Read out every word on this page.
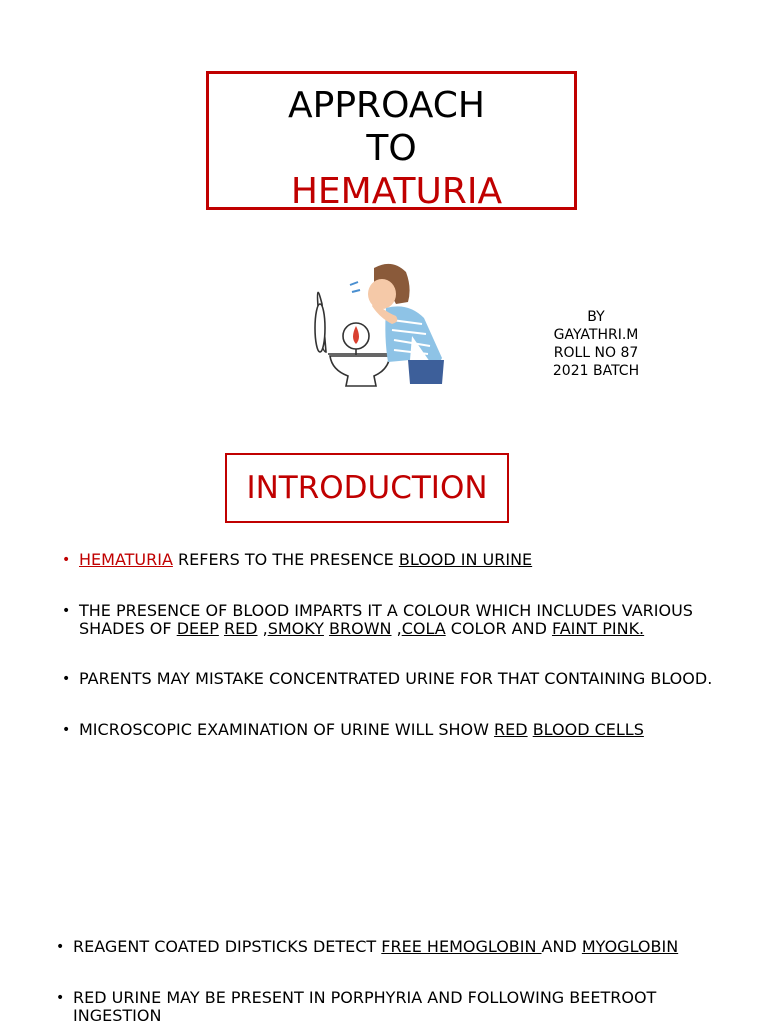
APPROACH
TO
HEMATURIA
BY
GAYATHRI.M
ROLL NO 87
2021 BATCH
INTRODUCTION
• HEMATURIA REFERS TO THE PRESENCE BLOOD IN URINE
• THE PRESENCE OF BLOOD IMPARTS IT A COLOUR WHICH INCLUDES VARIOUS SHADES OF DEEP RED ,SMOKY BROWN ,COLA COLOR AND FAINT PINK.
• PARENTS MAY MISTAKE CONCENTRATED URINE FOR THAT CONTAINING BLOOD.
• MICROSCOPIC EXAMINATION OF URINE WILL SHOW RED BLOOD CELLS
• REAGENT COATED DIPSTICKS DETECT FREE HEMOGLOBIN AND MYOGLOBIN
• RED URINE MAY BE PRESENT IN PORPHYRIA AND FOLLOWING BEETROOT INGESTION
